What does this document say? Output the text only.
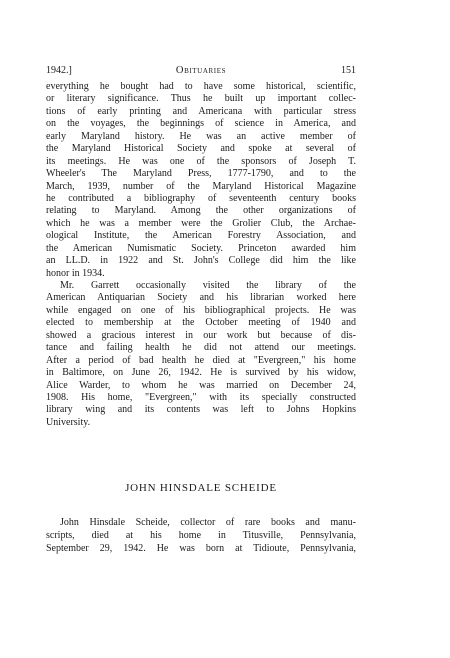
1942.]	Obituaries	151

everything he bought had to have some historical, scientific,
or literary significance. Thus he built up important collec-
tions of early printing and Americana with particular stress
on the voyages, the beginnings of science in America, and
early Maryland history. He was an active member of
the Maryland Historical Society and spoke at several of
its meetings. He was one of the sponsors of Joseph T.
Wheeler's The Maryland Press, 1777-1790, and to the
March, 1939, number of the Maryland Historical Magazine
he contributed a bibliography of seventeenth century books
relating to Maryland. Among the other organizations of
which he was a member were the Grolier Club, the Archae-
ological Institute, the American Forestry Association, and
the American Numismatic Society. Princeton awarded him
an LL.D. in 1922 and St. John's College did him the like
honor in 1934.

Mr. Garrett occasionally visited the library of the
American Antiquarian Society and his librarian worked here
while engaged on one of his bibliographical projects. He was
elected to membership at the October meeting of 1940 and
showed a gracious interest in our work but because of dis-
tance and failing health he did not attend our meetings.
After a period of bad health he died at "Evergreen," his home
in Baltimore, on June 26, 1942. He is survived by his widow,
Alice Warder, to whom he was married on December 24,
1908. His home, "Evergreen," with its specially constructed
library wing and its contents was left to Johns Hopkins
University.

JOHN HINSDALE SCHEIDE
John Hinsdale Scheide, collector of rare books and manu-
scripts, died at his home in Titusville, Pennsylvania,
September 29, 1942. He was born at Tidioute, Pennsylvania,
